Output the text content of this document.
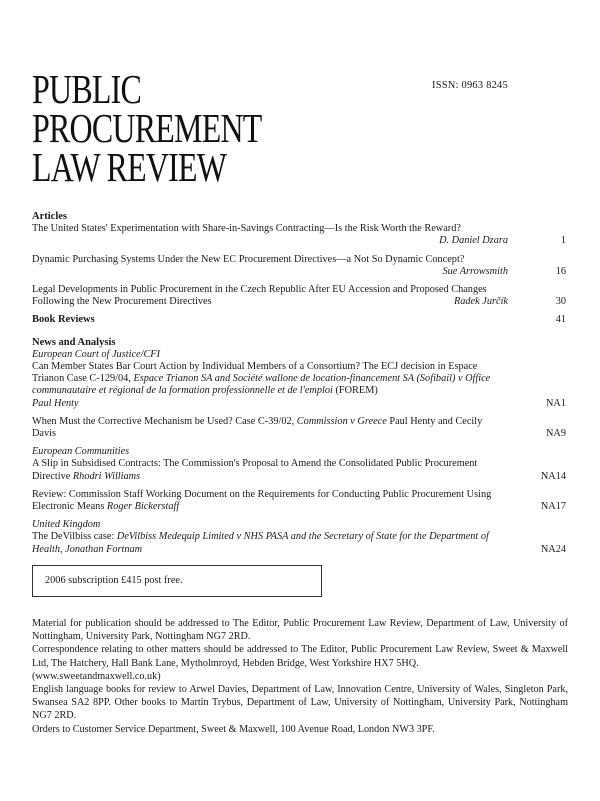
ISSN: 0963 8245
PUBLIC
PROCUREMENT
LAW REVIEW
Articles
The United States' Experimentation with Share-in-Savings Contracting—Is the Risk Worth the Reward?
D. Daniel Dzara	1
Dynamic Purchasing Systems Under the New EC Procurement Directives—a Not So Dynamic Concept?
Sue Arrowsmith	16
Legal Developments in Public Procurement in the Czech Republic After EU Accession and Proposed Changes Following the New Procurement Directives	Radek Jurčík	30
Book Reviews	41
News and Analysis
European Court of Justice/CFI
Can Member States Bar Court Action by Individual Members of a Consortium? The ECJ decision in Espace Trianon Case C-129/04, Espace Trianon SA and Société wallone de location-financement SA (Sofibail) v Office communautaire et régional de la formation professionnelle et de l'emploi (FOREM)
Paul Henty	NA1
When Must the Corrective Mechanism be Used? Case C-39/02, Commission v Greece Paul Henty and Cecily Davis	NA9
European Communities
A Slip in Subsidised Contracts: The Commission's Proposal to Amend the Consolidated Public Procurement Directive Rhodri Williams	NA14
Review: Commission Staff Working Document on the Requirements for Conducting Public Procurement Using Electronic Means Roger Bickerstaff	NA17
United Kingdom
The DeVilbiss case: DeVilbiss Medequip Limited v NHS PASA and the Secretary of State for the Department of Health, Jonathan Fortnam	NA24
2006 subscription £415 post free.

Material for publication should be addressed to The Editor, Public Procurement Law Review, Department of Law, University of Nottingham, University Park, Nottingham NG7 2RD.

Correspondence relating to other matters should be addressed to The Editor, Public Procurement Law Review, Sweet & Maxwell Ltd, The Hatchery, Hall Bank Lane, Mytholmroyd, Hebden Bridge, West Yorkshire HX7 5HQ.

(www.sweetandmaxwell.co.uk)

English language books for review to Arwel Davies, Department of Law, Innovation Centre, University of Wales, Singleton Park, Swansea SA2 8PP. Other books to Martin Trybus, Department of Law, University of Nottingham, University Park, Nottingham NG7 2RD.

Orders to Customer Service Department, Sweet & Maxwell, 100 Avenue Road, London NW3 3PF.
